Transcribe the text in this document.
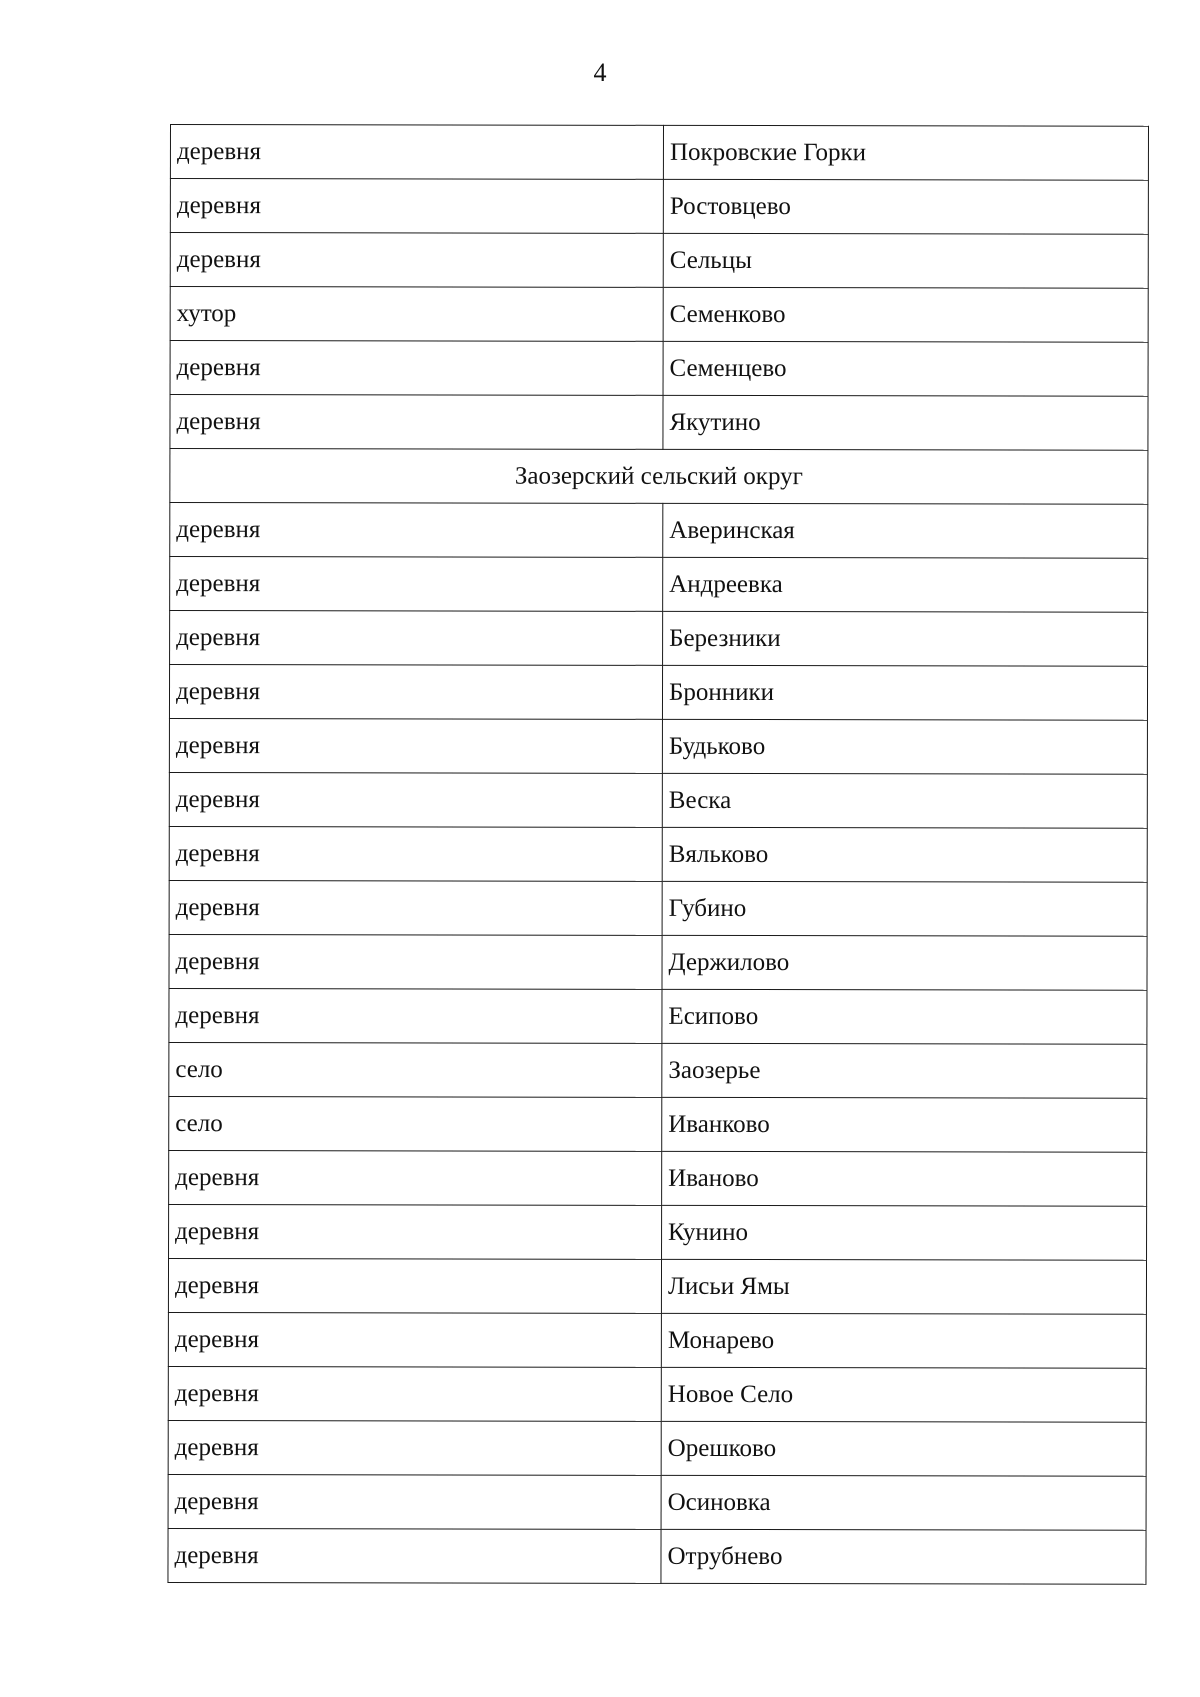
4
деревня	Покровские Горки
деревня	Ростовцево
деревня	Сельцы
хутор	Семенково
деревня	Семенцево
деревня	Якутино
Заозерский сельский округ	
деревня	Аверинская
деревня	Андреевка
деревня	Березники
деревня	Бронники
деревня	Будьково
деревня	Веска
деревня	Вяльково
деревня	Губино
деревня	Держилово
деревня	Есипово
село	Заозерье
село	Иванково
деревня	Иваново
деревня	Кунино
деревня	Лисьи Ямы
деревня	Монарево
деревня	Новое Село
деревня	Орешково
деревня	Осиновка
деревня	Отрубнево
